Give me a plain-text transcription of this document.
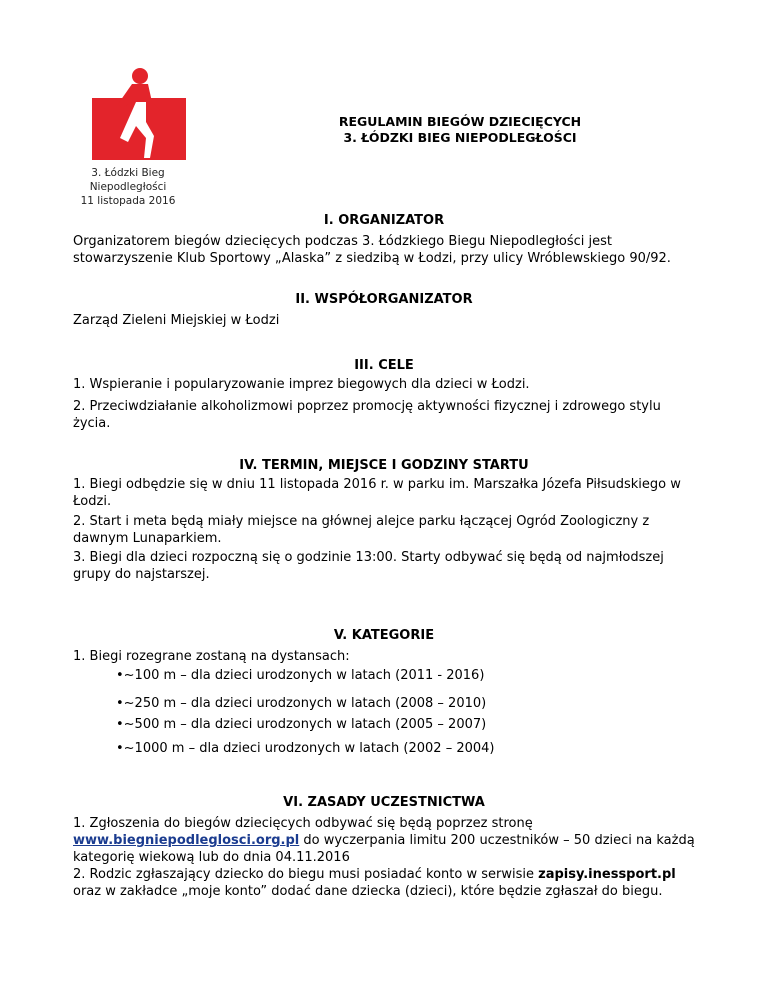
3. Łódzki Bieg Niepodległości
11 listopada 2016
REGULAMIN BIEGÓW DZIECIĘCYCH
3. ŁÓDZKI BIEG NIEPODLEGŁOŚCI
I. ORGANIZATOR
Organizatorem biegów dziecięcych podczas 3. Łódzkiego Biegu Niepodległości jest stowarzyszenie Klub Sportowy „Alaska” z siedzibą w Łodzi, przy ulicy Wróblewskiego 90/92.
II. WSPÓŁORGANIZATOR
Zarząd Zieleni Miejskiej w Łodzi
III. CELE
1. Wspieranie i popularyzowanie imprez biegowych dla dzieci w Łodzi.
2. Przeciwdziałanie alkoholizmowi poprzez promocję aktywności fizycznej i zdrowego stylu życia.
IV. TERMIN, MIEJSCE I GODZINY STARTU
1. Biegi odbędzie się w dniu 11 listopada 2016 r. w parku im. Marszałka Józefa Piłsudskiego w Łodzi.
2. Start i meta będą miały miejsce na głównej alejce parku łączącej Ogród Zoologiczny z dawnym Lunaparkiem.
3. Biegi dla dzieci rozpoczną się o godzinie 13:00. Starty odbywać się będą od najmłodszej grupy do najstarszej.
V. KATEGORIE
1. Biegi rozegrane zostaną na dystansach:
•~100 m – dla dzieci urodzonych w latach (2011 - 2016)
•~250 m – dla dzieci urodzonych w latach (2008 – 2010)
•~500 m – dla dzieci urodzonych w latach (2005 – 2007)
•~1000 m – dla dzieci urodzonych w latach (2002 – 2004)
VI. ZASADY UCZESTNICTWA
1. Zgłoszenia do biegów dziecięcych odbywać się będą poprzez stronę
www.biegniepodleglosci.org.pl do wyczerpania limitu 200 uczestników – 50 dzieci na każdą kategorię wiekową lub do dnia 04.11.2016
2. Rodzic zgłaszający dziecko do biegu musi posiadać konto w serwisie zapisy.inessport.pl
oraz w zakładce „moje konto” dodać dane dziecka (dzieci), które będzie zgłaszał do biegu.
